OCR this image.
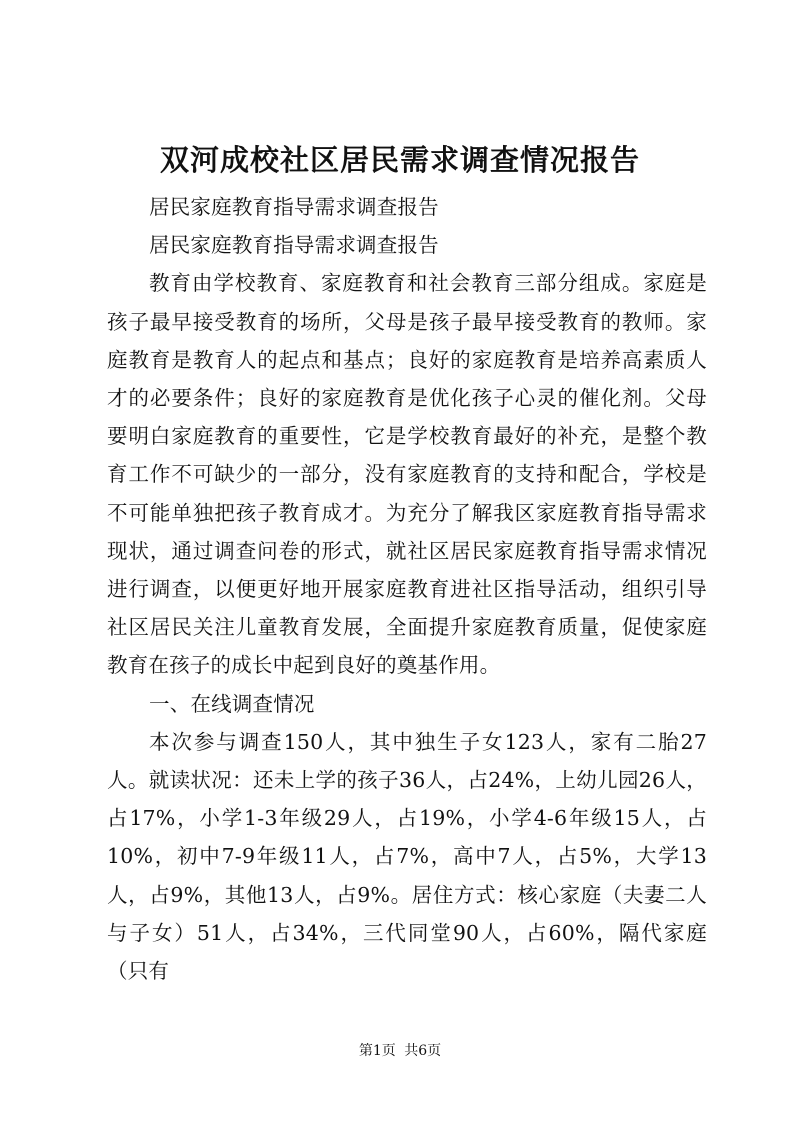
双河成校社区居民需求调查情况报告

居民家庭教育指导需求调查报告

居民家庭教育指导需求调查报告

教育由学校教育、家庭教育和社会教育三部分组成。家庭是孩子最早接受教育的场所，父母是孩子最早接受教育的教师。家庭教育是教育人的起点和基点；良好的家庭教育是培养高素质人才的必要条件；良好的家庭教育是优化孩子心灵的催化剂。父母要明白家庭教育的重要性，它是学校教育最好的补充，是整个教育工作不可缺少的一部分，没有家庭教育的支持和配合，学校是不可能单独把孩子教育成才。为充分了解我区家庭教育指导需求现状，通过调查问卷的形式，就社区居民家庭教育指导需求情况进行调查，以便更好地开展家庭教育进社区指导活动，组织引导社区居民关注儿童教育发展，全面提升家庭教育质量，促使家庭教育在孩子的成长中起到良好的奠基作用。

一、在线调查情况

本次参与调查150人，其中独生子女123人，家有二胎27人。就读状况：还未上学的孩子36人，占24%，上幼儿园26人，占17%，小学1-3年级29人，占19%，小学4-6年级15人，占10%，初中7-9年级11人，占7%，高中7人，占5%，大学13人，占9%，其他13人，占9%。居住方式：核心家庭（夫妻二人与子女）51人，占34%，三代同堂90人，占60%，隔代家庭（只有

第1页 共6页
